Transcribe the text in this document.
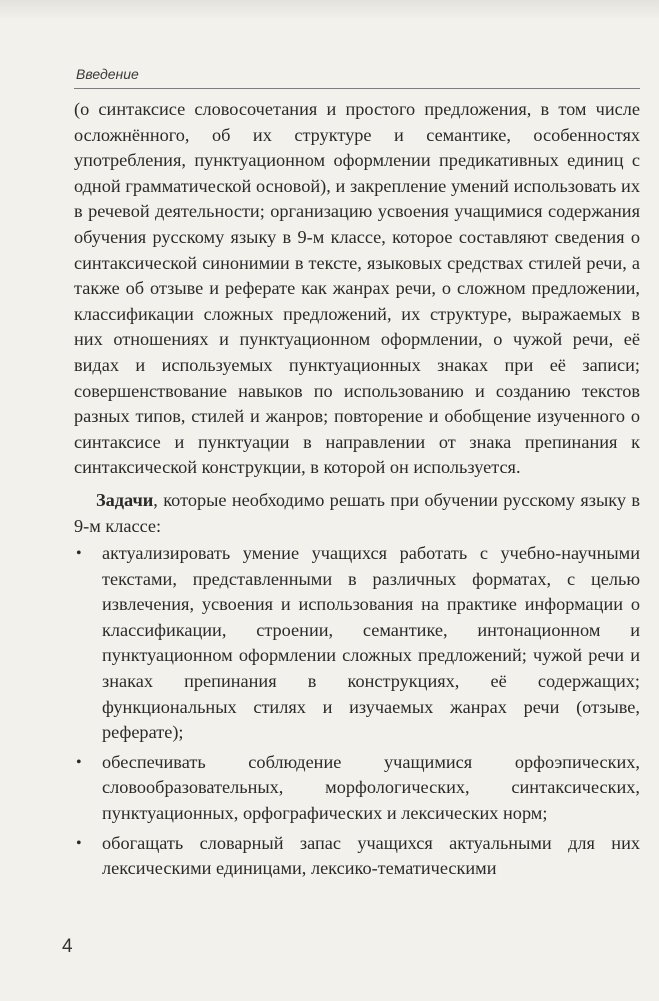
Введение

(о синтаксисе словосочетания и простого предложения, в том числе осложнённого, об их структуре и семантике, особенностях употребления, пунктуационном оформлении предикативных единиц с одной грамматической основой), и закрепление умений использовать их в речевой деятельности; организацию усвоения учащимися содержания обучения русскому языку в 9-м классе, которое составляют сведения о синтаксической синонимии в тексте, языковых средствах стилей речи, а также об отзыве и реферате как жанрах речи, о сложном предложении, классификации сложных предложений, их структуре, выражаемых в них отношениях и пунктуационном оформлении, о чужой речи, её видах и используемых пунктуационных знаках при её записи; совершенствование навыков по использованию и созданию текстов разных типов, стилей и жанров; повторение и обобщение изученного о синтаксисе и пунктуации в направлении от знака препинания к синтаксической конструкции, в которой он используется.

Задачи, которые необходимо решать при обучении русскому языку в 9-м классе:

• актуализировать умение учащихся работать с учебно-научными текстами, представленными в различных форматах, с целью извлечения, усвоения и использования на практике информации о классификации, строении, семантике, интонационном и пунктуационном оформлении сложных предложений; чужой речи и знаках препинания в конструкциях, её содержащих; функциональных стилях и изучаемых жанрах речи (отзыве, реферате);
• обеспечивать соблюдение учащимися орфоэпических, словообразовательных, морфологических, синтаксических, пунктуационных, орфографических и лексических норм;
• обогащать словарный запас учащихся актуальными для них лексическими единицами, лексико-тематическими
4
